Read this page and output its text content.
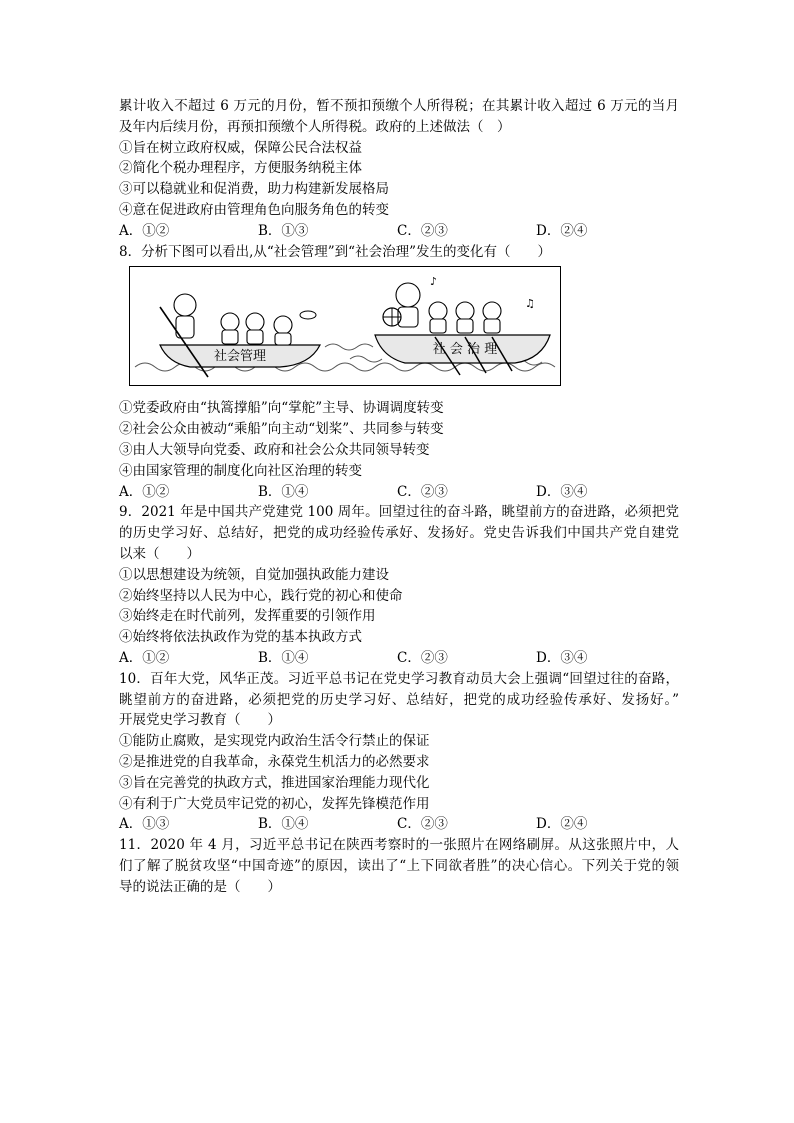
累计收入不超过 6 万元的月份，暂不预扣预缴个人所得税；在其累计收入超过 6 万元的当月
及年内后续月份，再预扣预缴个人所得税。政府的上述做法（　）
①旨在树立政府权威，保障公民合法权益
②简化个税办理程序，方便服务纳税主体
③可以稳就业和促消费，助力构建新发展格局
④意在促进政府由管理角色向服务角色的转变
A．①②	B．①③	C．②③	D．②④
8．分析下图可以看出,从“社会管理”到“社会治理”发生的变化有（　　）
社会管理
♪
♫
社 会 治 理
①党委政府由“执篙撑船”向“掌舵”主导、协调调度转变
②社会公众由被动“乘船”向主动“划桨”、共同参与转变
③由人大领导向党委、政府和社会公众共同领导转变
④由国家管理的制度化向社区治理的转变
A．①②	B．①④	C．②③	D．③④
9．2021 年是中国共产党建党 100 周年。回望过往的奋斗路，眺望前方的奋进路，必须把党
的历史学习好、总结好，把党的成功经验传承好、发扬好。党史告诉我们中国共产党自建党
以来（　　）
①以思想建设为统领，自觉加强执政能力建设
②始终坚持以人民为中心，践行党的初心和使命
③始终走在时代前列，发挥重要的引领作用
④始终将依法执政作为党的基本执政方式
A．①②	B．①④	C．②③	D．③④
10．百年大党，风华正茂。习近平总书记在党史学习教育动员大会上强调“回望过往的奋路，
眺望前方的奋进路，必须把党的历史学习好、总结好，把党的成功经验传承好、发扬好。”
开展党史学习教育（　　）
①能防止腐败，是实现党内政治生活令行禁止的保证
②是推进党的自我革命，永葆党生机活力的必然要求
③旨在完善党的执政方式，推进国家治理能力现代化
④有利于广大党员牢记党的初心，发挥先锋模范作用
A．①③	B．①④	C．②③	D．②④
11．2020 年 4 月，习近平总书记在陕西考察时的一张照片在网络刷屏。从这张照片中，人
们了解了脱贫攻坚“中国奇迹”的原因，读出了“上下同欲者胜”的决心信心。下列关于党的领
导的说法正确的是（　　）
